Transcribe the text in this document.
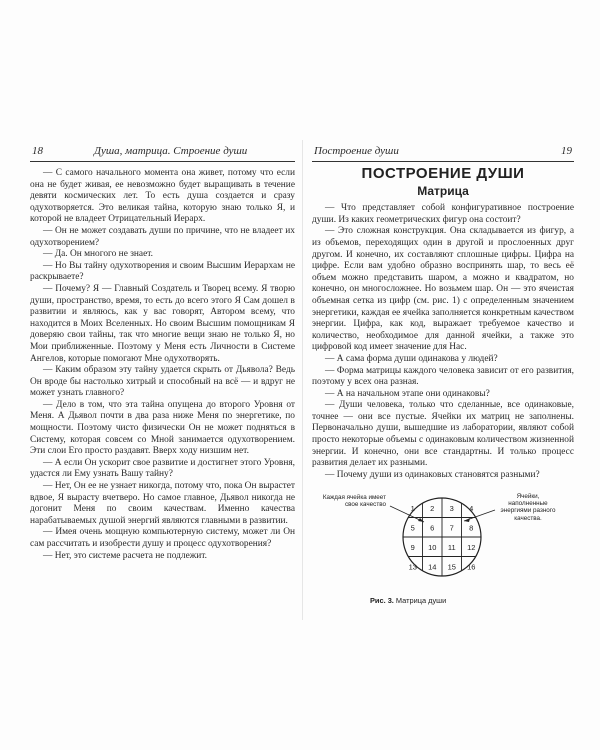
18	Душа, матрица. Строение души

— С самого начального момента она живет, потому что если она не будет живая, ее невозможно будет выращивать в течение девяти космических лет. То есть душа создается и сразу одухотворяется. Это великая тайна, которую знаю только Я, и которой не владеет Отрицательный Иерарх.

— Он не может создавать души по причине, что не владеет их одухотворением?

— Да. Он многого не знает.

— Но Вы тайну одухотворения и своим Высшим Иерархам не раскрываете?

— Почему? Я — Главный Создатель и Творец всему. Я творю души, пространство, время, то есть до всего этого Я Сам дошел в развитии и являюсь, как у вас говорят, Автором всему, что находится в Моих Вселенных. Но своим Высшим помощникам Я доверяю свои тайны, так что многие вещи знаю не только Я, но Мои приближенные. Поэтому у Меня есть Личности в Системе Ангелов, которые помогают Мне одухотворять.

— Каким образом эту тайну удается скрыть от Дьявола? Ведь Он вроде бы настолько хитрый и способный на всё — и вдруг не может узнать главного?

— Дело в том, что эта тайна опущена до второго Уровня от Меня. А Дьявол почти в два раза ниже Меня по энергетике, по мощности. Поэтому чисто физически Он не может подняться в Систему, которая совсем со Мной занимается одухотворением. Эти слои Его просто раздавят. Вверх ходу низшим нет.

— А если Он ускорит свое развитие и достигнет этого Уровня, удастся ли Ему узнать Вашу тайну?

— Нет, Он ее не узнает никогда, потому что, пока Он вырастет вдвое, Я вырасту вчетверо. Но самое главное, Дьявол никогда не догонит Меня по своим качествам. Именно качества нарабатываемых душой энергий являются главными в развитии.

— Имея очень мощную компьютерную систему, может ли Он сам рассчитать и изобрести душу и процесс одухотворения?

— Нет, это системе расчета не подлежит.

Построение души	19
ПОСТРОЕНИЕ ДУШИ
Матрица

— Что представляет собой конфигуративное построение души. Из каких геометрических фигур она состоит?

— Это сложная конструкция. Она складывается из фигур, а из объемов, переходящих один в другой и прослоенных друг другом. И конечно, их составляют сплошные цифры. Цифра на цифре. Если вам удобно образно воспринять шар, то весь её объем можно представить шаром, а можно и квадратом, но конечно, он многосложнее. Но возьмем шар. Он — это ячеистая объемная сетка из цифр (см. рис. 1) с определенным значением энергетики, каждая ее ячейка заполняется конкретным качеством энергии. Цифра, как код, выражает требуемое качество и количество, необходимое для данной ячейки, а также это цифровой код имеет значение для Нас.

— А сама форма души одинакова у людей?

— Форма матрицы каждого человека зависит от его развития, поэтому у всех она разная.

— А на начальном этапе они одинаковы?

— Души человека, только что сделанные, все одинаковые, точнее — они все пустые. Ячейки их матриц не заполнены. Первоначально души, вышедшие из лаборатории, являют собой просто некоторые объемы с одинаковым количеством жизненной энергии. И конечно, они все стандартны. И только процесс развития делает их разными.

— Почему души из одинаковых становятся разными?

1 2 3 4
5 6 7 8
9 10 11 12
13 14 15 16
Каждая ячейка имеет свое качество
Ячейки, наполненные энергиями разного качества.
Рис. 3. Матрица души
